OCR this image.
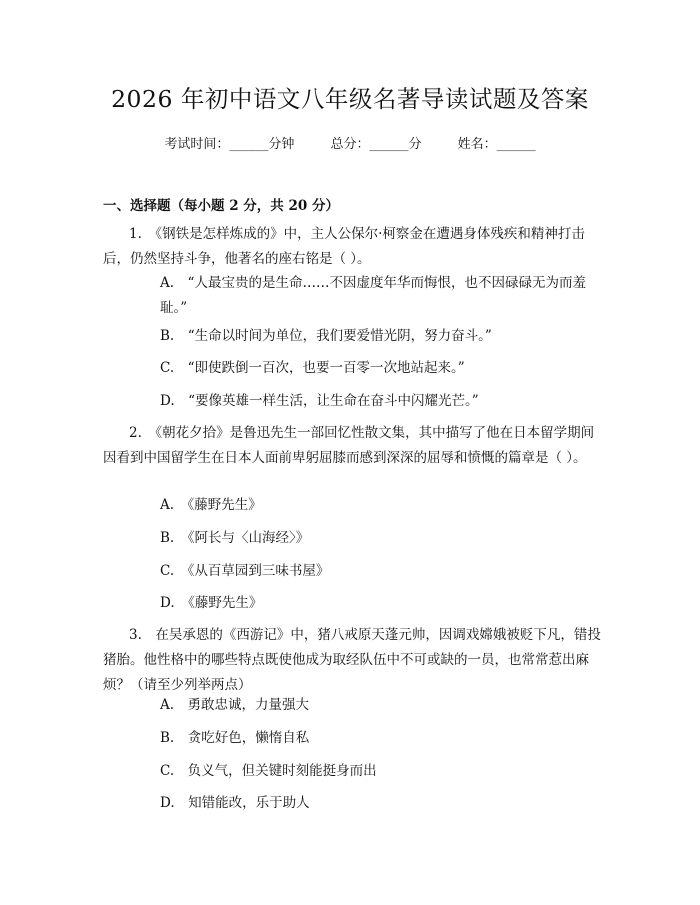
2026 年初中语文八年级名著导读试题及答案
考试时间：______分钟	总分：______分	姓名：______
一、选择题（每小题 2 分，共 20 分）
1.　《钢铁是怎样炼成的》中，主人公保尔·柯察金在遭遇身体残疾和精神打击后，仍然坚持斗争，他著名的座右铭是（ ）。
A.　“人最宝贵的是生命……不因虚度年华而悔恨，也不因碌碌无为而羞耻。”
B.　“生命以时间为单位，我们要爱惜光阴，努力奋斗。”
C.　“即使跌倒一百次，也要一百零一次地站起来。”
D.　“要像英雄一样生活，让生命在奋斗中闪耀光芒。”
2.　《朝花夕拾》是鲁迅先生一部回忆性散文集，其中描写了他在日本留学期间因看到中国留学生在日本人面前卑躬屈膝而感到深深的屈辱和愤慨的篇章是（ ）。
A.　《藤野先生》
B.　《阿长与〈山海经〉》
C.　《从百草园到三味书屋》
D.　《藤野先生》
3.　在吴承恩的《西游记》中，猪八戒原天蓬元帅，因调戏嫦娥被贬下凡，错投猪胎。他性格中的哪些特点既使他成为取经队伍中不可或缺的一员，也常常惹出麻烦？（请至少列举两点）
A.　勇敢忠诚，力量强大
B.　贪吃好色，懒惰自私
C.　负义气，但关键时刻能挺身而出
D.　知错能改，乐于助人
